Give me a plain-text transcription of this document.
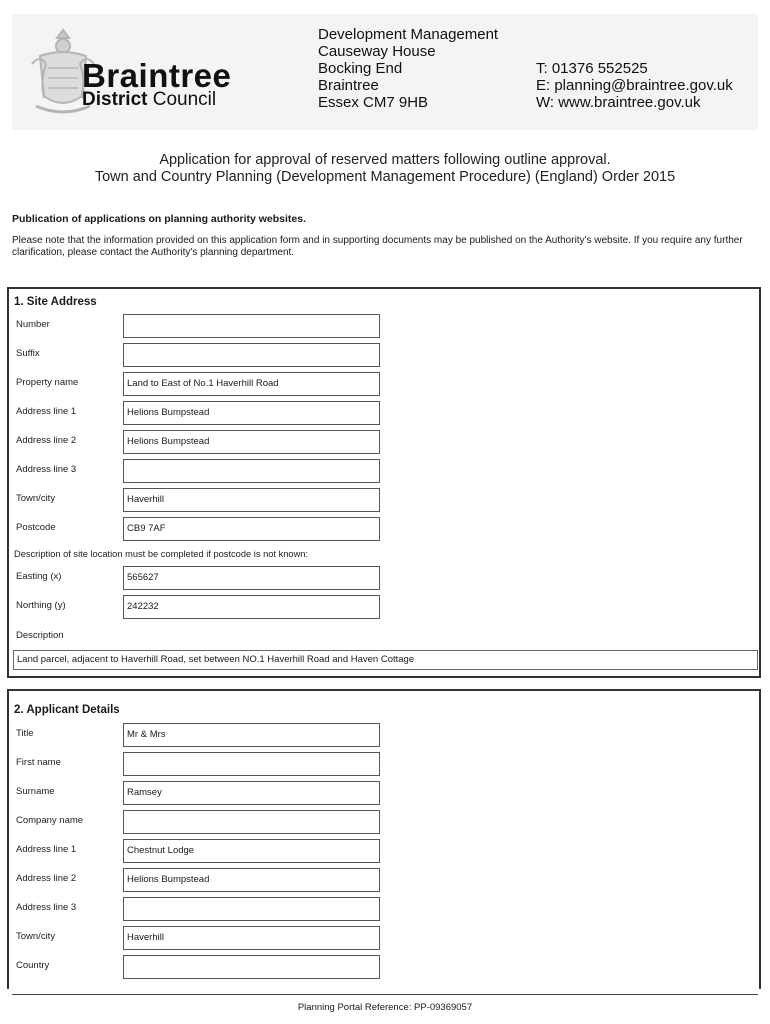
Braintree
District Council
Development Management
Causeway House
Bocking End
Braintree
Essex CM7 9HB
T: 01376 552525
E: planning@braintree.gov.uk
W: www.braintree.gov.uk
Application for approval of reserved matters following outline approval.
Town and Country Planning (Development Management Procedure) (England) Order 2015
Publication of applications on planning authority websites.
Please note that the information provided on this application form and in supporting documents may be published on the Authority's website. If you require any further clarification, please contact the Authority's planning department.
1. Site Address
Number
Suffix
Property name	Land to East of No.1 Haverhill Road
Address line 1	Helions Bumpstead
Address line 2	Helions Bumpstead
Address line 3
Town/city	Haverhill
Postcode	CB9 7AF
Description of site location must be completed if postcode is not known:
Easting (x)	565627
Northing (y)	242232
Description
Land parcel, adjacent to Haverhill Road, set between NO.1 Haverhill Road and Haven Cottage
2. Applicant Details
Title	Mr & Mrs
First name
Surname	Ramsey
Company name
Address line 1	Chestnut Lodge
Address line 2	Helions Bumpstead
Address line 3
Town/city	Haverhill
Country
Planning Portal Reference: PP-09369057
